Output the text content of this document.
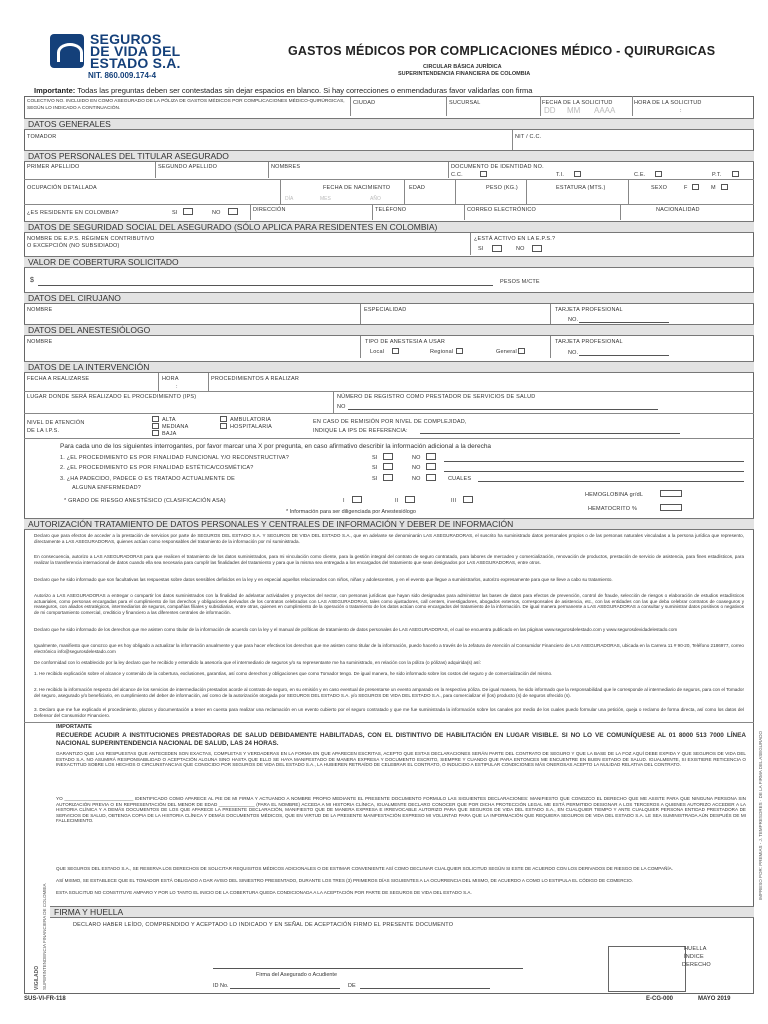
SEGUROS
DE VIDA DEL
ESTADO S.A.
NIT. 860.009.174-4
GASTOS MÉDICOS POR COMPLICACIONES MÉDICO - QUIRURGICAS
CIRCULAR BÁSICA JURÍDICA
SUPERINTENDENCIA FINANCIERA DE COLOMBIA
Importante: Todas las preguntas deben ser contestadas sin dejar espacios en blanco. Si hay correcciones o enmendaduras favor validarlas con firma
COLECTIVO NO. INCLUIDO EN COMO ASEGURADO DE LA PÓLIZA DE GASTOS MÉDICOS POR COMPLICACIONES MÉDICO-QUIRÚRGICAS, SEGÚN LO INDICADO A CONTINUACIÓN.
CIUDAD	SUCURSAL	FECHA DE LA SOLICITUD
DD MM AAAA
HORA DE LA SOLICITUD
:
DATOS GENERALES
TOMADOR	NIT / C.C.
DATOS PERSONALES DEL TITULAR ASEGURADO
PRIMER APELLIDO	SEGUNDO APELLIDO	NOMBRES	DOCUMENTO DE IDENTIDAD NO.
C.C.	T.I.	C.E.	P.T.
OCUPACIÓN DETALLADA	FECHA DE NACIMIENTO
DÍA	MES	AÑO
EDAD	PESO (KG.)	ESTATURA (MTS.)	SEXO	F	M
¿ES RESIDENTE EN COLOMBIA?	SI	NO	DIRECCIÓN	TELÉFONO	CORREO ELECTRÓNICO	NACIONALIDAD
DATOS DE SEGURIDAD SOCIAL DEL ASEGURADO (SÓLO APLICA PARA RESIDENTES EN COLOMBIA)
NOMBRE DE E.P.S. RÉGIMEN CONTRIBUTIVO
O EXCEPCIÓN (NO SUBSIDIADO)
¿ESTÁ ACTIVO EN LA E.P.S.?
SI	NO
VALOR DE COBERTURA SOLICITADO
$	PESOS M/CTE
DATOS DEL CIRUJANO
NOMBRE	ESPECIALIDAD	TARJETA PROFESIONAL
NO.
DATOS DEL ANESTESIÓLOGO
NOMBRE	TIPO DE ANESTESIA A USAR
Local	Regional	General
TARJETA PROFESIONAL
NO.
DATOS DE LA INTERVENCIÓN
FECHA A REALIZARSE	HORA
:
PROCEDIMIENTOS A REALIZAR
LUGAR DONDE SERÁ REALIZADO EL PROCEDIMIENTO (IPS)	NÚMERO DE REGISTRO COMO PRESTADOR DE SERVICIOS DE SALUD
NO
NIVEL DE ATENCIÓN
DE LA I.P.S.
ALTA
MEDIANA
BAJA
AMBULATORIA
HOSPITALARIA
EN CASO DE REMISIÓN POR NIVEL DE COMPLEJIDAD,
INDIQUE LA IPS DE REFERENCIA:
Para cada uno de los siguientes interrogantes, por favor marcar una X por pregunta, en caso afirmativo describir la información adicional a la derecha
1. ¿EL PROCEDIMIENTO ES POR FINALIDAD FUNCIONAL Y/O RECONSTRUCTIVA?	SI	NO
2. ¿EL PROCEDIMIENTO ES POR FINALIDAD ESTÉTICA/COSMÉTICA?	SI	NO
3. ¿HA PADECIDO, PADECE O ES TRATADO ACTUALMENTE DE
ALGUNA ENFERMEDAD?
SI	NO	CUALES
* GRADO DE RIESGO ANESTÉSICO (CLASIFICACIÓN ASA)	I	II	III
HEMOGLOBINA gr/dL
HEMATOCRITO %
* Información para ser diligenciada por Anestesiólogo
AUTORIZACIÓN TRATAMIENTO DE DATOS PERSONALES Y CENTRALES DE INFORMACIÓN Y DEBER DE INFORMACIÓN
Declaro que para efectos de acceder a la prestación de servicios por parte de SEGUROS DEL ESTADO S.A. Y SEGUROS DE VIDA DEL ESTADO S.A., que en adelante se denominarán LAS ASEGURADORAS, el suscrito ha suministrado datos personales propios o de las personas naturales vinculadas a la persona jurídica que represento, directamente a LAS ASEGURADORAS, quienes actúan como responsables del tratamiento de la información por mí suministrada.
En consecuencia, autorizo a LAS ASEGURADORAS para que realicen el tratamiento de los datos suministrados, para mi vinculación como cliente, para la gestión integral del contrato de seguro contratado, para labores de mercadeo y comercialización, renovación de productos, prestación de servicio de asistencia, para fines estadísticos, para realizar la transferencia internacional de datos cuando ella sea necesaria para cumplir las finalidades del tratamiento y para que la misma sea entregada a los encargados del tratamiento que sean designados por LAS ASEGURADORAS, entre otros.
Declaro que he sido informado que son facultativas las respuestas sobre datos sensibles definidos en la ley y en especial aquellos relacionados con niños, niñas y adolescentes, y en el evento que llegue a suministrarlos, autorizo expresamente para que se lleve a cabo su tratamiento.
Autorizo a LAS ASEGURADORAS a entregar o compartir los datos suministrados con la finalidad de adelantar actividades y proyectos del sector, con personas jurídicas que hayan sido designadas para administrar las bases de datos para efectos de prevención, control de fraude, selección de riesgos o elaboración de estudios estadísticos actuariales, como personas encargadas para el cumplimiento de los derechos y obligaciones derivados de los contratos celebrados con LAS ASEGURADORAS, tales como ajustadores, call centers, investigadores, abogados externos, corresponsales de asistencia, etc., con las entidades con las que deba celebrar contratos de coaseguros y reaseguros, con aliados estratégicos, intermediarios de seguros, compañías filiales y subsidiarias, entre otras, quienes en cumplimiento de la operación o tratamiento de los datos actúan como encargados del tratamiento de la información. De igual manera permanente a LAS ASEGURADORAS a consultar y suministrar datos positivos o negativos de mi comportamiento comercial, crediticio y financiero a las diferentes centrales de información.
Declaro que he sido informado de los derechos que me asisten como titular de la información de acuerdo con la ley y el manual de políticas de tratamiento de datos personales de LAS ASEGURADORAS, el cual se encuentra publicado en las páginas www.segurosdelestado.com y www.segurosdevidadelestado.com
Igualmente, manifiesto que conozco que es hoy obligado a actualizar la información anualmente y que para hacer efectivos los derechos que me asisten como titular de la información, puedo hacerlo a través de la Jefatura de Atención al Consumidor Financiero de LAS ASEGURADORAS, ubicada en la Carrera 11 # 90-20, Teléfono 2186977, correo electrónico info@segurosdelestado.com
De conformidad con lo establecido por la ley declaro que he recibido y entendido la asesoría que el intermediario de seguros y/o su representante me ha suministrado, en relación con la póliza (o pólizas) adquirida(s) así:
1. He recibido explicación sobre el alcance y contenido de la cobertura, exclusiones, garantías, así como derechos y obligaciones que como Tomador tengo. De igual manera, he sido informado sobre los costos del seguro y de comercialización del mismo.
2. He recibido la información respecto del alcance de los servicios de intermediación prestados acorde al contrato de seguro, en su emisión y en caso eventual de presentarse un evento amparado en la respectiva póliza. De igual manera, he sido informado que la responsabilidad que le corresponde al intermediario de seguros, para con el Tomador del seguro, asegurado y/o beneficiario, en cumplimiento del deber de información, así como de la autorización otorgada por SEGUROS DEL ESTADO S.A. y/o SEGUROS DE VIDA DEL ESTADO S.A., para comercializar el (los) producto (s) de seguros ofrecido (s).
3. Declaro que me fue explicado el procedimiento, plazos y documentación a tener en cuenta para realizar una reclamación en un evento cubierto por el seguro contratado y que me fue suministrada la información sobre los canales por medio de los cuales puedo formular una petición, queja o reclamo de forma directa, así como los datos del Defensor del Consumidor Financiero.
IMPORTANTE
RECUERDE ACUDIR A INSTITUCIONES PRESTADORAS DE SALUD DEBIDAMENTE HABILITADAS, CON EL DISTINTIVO DE HABILITACIÓN EN LUGAR VISIBLE. SI NO LO VE COMUNÍQUESE AL 01 8000 513 7000 LÍNEA NACIONAL SUPERINTENDENCIA NACIONAL DE SALUD, LAS 24 HORAS.
GARANTIZO QUE LAS RESPUESTAS QUE ANTECEDEN SON EXACTAS, COMPLETAS Y VERDADERAS EN LA FORMA EN QUE APARECEN ESCRITAS, ACEPTO QUE ESTAS DECLARACIONES SERÁN PARTE DEL CONTRATO DE SEGURO Y QUE LA BASE DE LA FOZ AQUÍ DEBE EXPIDA Y QUE SEGUROS DE VIDA DEL ESTADO S.A. NO ASUMIRÁ RESPONSABILIDAD O ACEPTACIÓN ALGUNA SINO HASTA QUE ELLO SE HAYA MANIFESTADO DE MANERA EXPRESA Y DOCUMENTO ESCRITO, SIEMPRE Y CUANDO QUE PARA ENTONCES ME ENCUENTRE EN BUEN ESTADO DE SALUD. IGUALMENTE, SI EXISTIERE RETICENCIA O INEXACTITUD SOBRE LOS HECHOS O CIRCUNSTANCIAS QUE CONOCIDO POR SEGUROS DE VIDA DEL ESTADO S.A., LA HUBIEREN RETRAÍDO DE CELEBRAR EL CONTRATO, O INDUCIDO A ESTIPULAR CONDICIONES MÁS ONEROSAS ACEPTO LA NULIDAD RELATIVA DEL CONTRATO.
YO ___________________________ IDENTIFICADO COMO APARECE AL PIE DE MI FIRMA Y ACTUANDO A NOMBRE PROPIO MEDIANTE EL PRESENTE DOCUMENTO FORMULO LAS SIGUIENTES DECLARACIONES: MANIFIESTO QUE CONOZCO EL DERECHO QUE ME ASISTE PARA QUE NINGUNA PERSONA SIN AUTORIZACIÓN PREVIA O EN REPRESENTACIÓN DEL MENOR DE EDAD ______________ (PARA EL NOMBRE) ACCEDA A MI HISTORIA CLÍNICA, IGUALMENTE DECLARO CONOCER QUE POR DICHA PROTECCIÓN LEGAL ME ESTÁ PERMITIDO DESIGNAR A LOS TERCEROS A QUIENES AUTORIZO ACCEDER A LA HISTORIA CLÍNICA Y A DEMÁS DOCUMENTOS DE LOS QUE APARECE LA PRESENTE DECLARACIÓN, MANIFIESTO QUE DE MANERA EXPRESA E IRREVOCABLE AUTORIZO PARA QUE SEGUROS DE VIDA DEL ESTADO S.A., EN CUALQUIER TIEMPO Y ANTE CUALQUIER PERSONA ENTIDAD PRESTADORA DE SERVICIOS DE SALUD, OBTENGA COPIA DE LA HISTORIA CLÍNICA Y DEMÁS DOCUMENTOS MÉDICOS, QUE EN VIRTUD DE LA PRESENTE MANIFESTACIÓN EXPRESO MI VOLUNTAD PARA QUE LA INFORMACIÓN QUE REQUIERA SEGUROS DE VIDA DEL ESTADO S.A. LE SEA SUMINISTRADA AÚN DESPUÉS DE MI FALLECIMIENTO.
QUE SEGUROS DEL ESTADO S.A., SE RESERVA LOS DERECHOS DE SOLICITAR REQUISITOS MÉDICOS ADICIONALES O DE ESTIMAR CONVENIENTE ASÍ COMO DECLINAR CUALQUIER SOLICITUD SEGÚN SI ESTE DE ACUERDO CON LOS DERIVADOS DE RIESGO DE LA COMPAÑÍA.
ASÍ MISMO, SE ESTABLECE QUE EL TOMADOR ESTÁ OBLIGADO A DAR AVISO DEL SINIESTRO PRESENTADO, DURANTE LOS TRES (3) PRIMEROS DÍAS SIGUIENTES A LA OCURRENCIA DEL MISMO, DE ACUERDO A COMO LO ESTIPULA EL CÓDIGO DE COMERCIO.
ESTA SOLICITUD NO CONSTITUYE AMPARO Y POR LO TANTO EL INICIO DE LA COBERTURA QUEDA CONDICIONADA A LA ACEPTACIÓN POR PARTE DE SEGUROS DE VIDA DEL ESTADO S.A.
FIRMA Y HUELLA
DECLARO HABER LEÍDO, COMPRENDIDO Y ACEPTADO LO INDICADO Y EN SEÑAL DE ACEPTACIÓN FIRMO EL PRESENTE DOCUMENTO
Firma del Asegurado o Acudiente
ID No.	DE
HUELLA
ÍNDICE
DERECHO
VIGILADO SUPERINTENDENCIA FINANCIERA DE COLOMBIA
IMPRESO POR: PREMIAS - J. TEMPRESORES · DE LA FIRMA DEL ASEGURADO
SUS-VI-FR-118	E-CG-000	MAYO 2019
